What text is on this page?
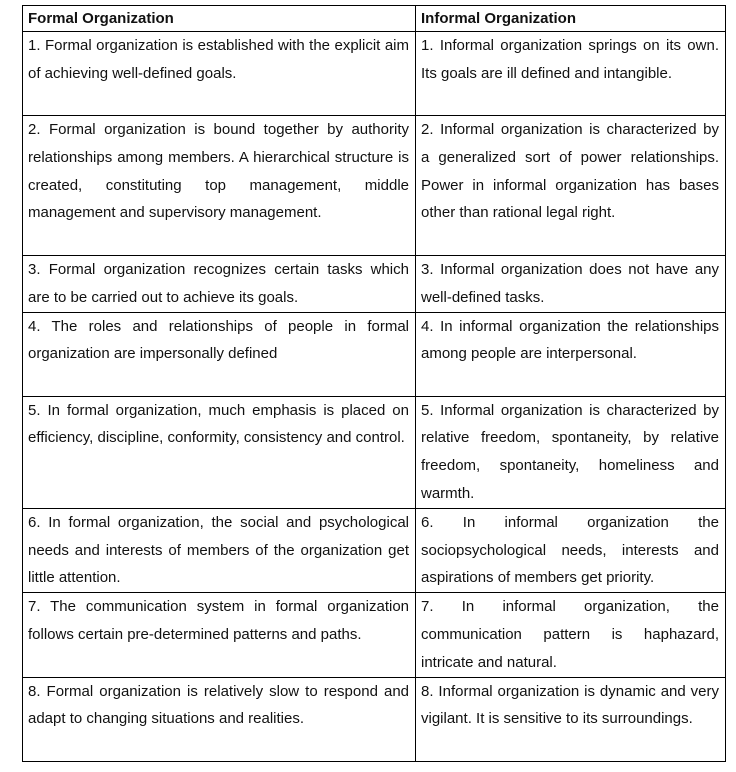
Formal Organization	Informal Organization
1. Formal organization is established with the explicit aim of achieving well-defined goals.	1. Informal organization springs on its own. Its goals are ill defined and intangible.
2. Formal organization is bound together by authority relationships among members. A hierarchical structure is created, constituting top management, middle management and supervisory management.	2. Informal organization is characterized by a generalized sort of power relationships. Power in informal organization has bases other than rational legal right.
3. Formal organization recognizes certain tasks which are to be carried out to achieve its goals.	3. Informal organization does not have any well-defined tasks.
4. The roles and relationships of people in formal organization are impersonally defined	4. In informal organization the relationships among people are interpersonal.
5. In formal organization, much emphasis is placed on efficiency, discipline, conformity, consistency and control.	5. Informal organization is characterized by relative freedom, spontaneity, by relative freedom, spontaneity, homeliness and warmth.
6. In formal organization, the social and psychological needs and interests of members of the organization get little attention.	6. In informal organization the sociopsychological needs, interests and aspirations of members get priority.
7. The communication system in formal organization follows certain pre-determined patterns and paths.	7. In informal organization, the communication pattern is haphazard, intricate and natural.
8. Formal organization is relatively slow to respond and adapt to changing situations and realities.	8. Informal organization is dynamic and very vigilant. It is sensitive to its surroundings.
